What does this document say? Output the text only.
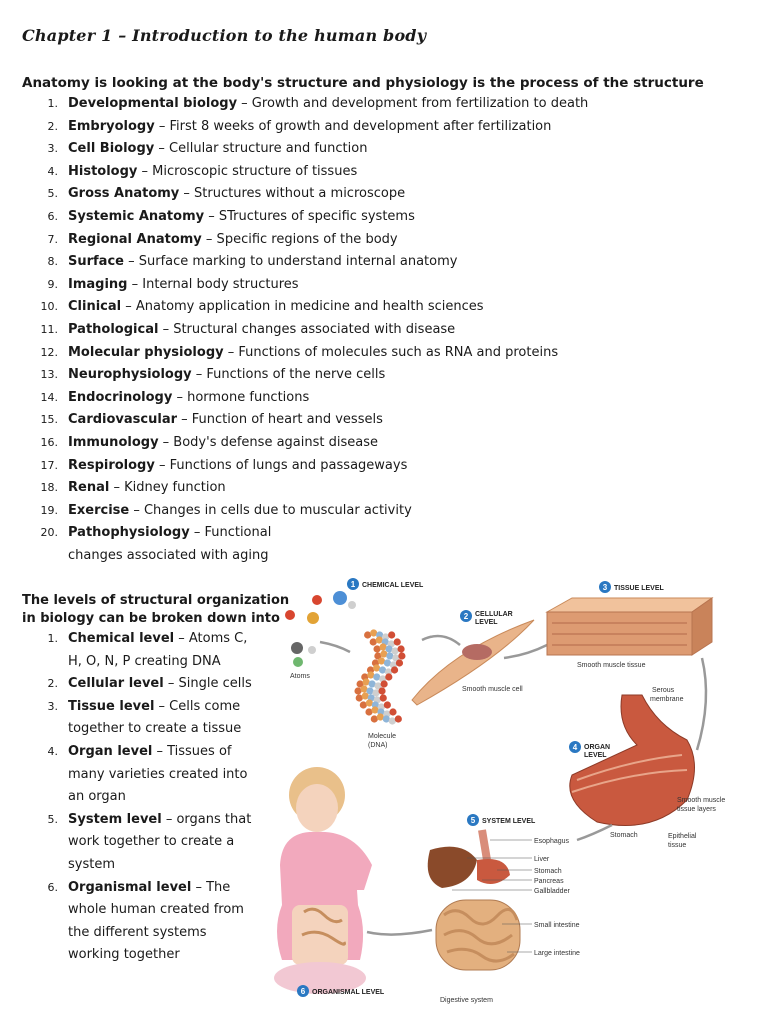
Chapter 1 – Introduction to the human body
Anatomy is looking at the body's structure and physiology is the process of the structure
1. Developmental biology – Growth and development from fertilization to death
2. Embryology – First 8 weeks of growth and development after fertilization
3. Cell Biology – Cellular structure and function
4. Histology – Microscopic structure of tissues
5. Gross Anatomy – Structures without a microscope
6. Systemic Anatomy – STructures of specific systems
7. Regional Anatomy – Specific regions of the body
8. Surface – Surface marking to understand internal anatomy
9. Imaging – Internal body structures
10. Clinical – Anatomy application in medicine and health sciences
11. Pathological – Structural changes associated with disease
12. Molecular physiology – Functions of molecules such as RNA and proteins
13. Neurophysiology – Functions of the nerve cells
14. Endocrinology – hormone functions
15. Cardiovascular – Function of heart and vessels
16. Immunology – Body's defense against disease
17. Respirology – Functions of lungs and passageways
18. Renal – Kidney function
19. Exercise – Changes in cells due to muscular activity
20. Pathophysiology – Functional
changes associated with aging
The levels of structural organization
in biology can be broken down into
1. Chemical level – Atoms C, H, O, N, P creating DNA
2. Cellular level – Single cells
3. Tissue level – Cells come together to create a tissue
4. Organ level – Tissues of many varieties created into an organ
5. System level – organs that work together to create a system
6. Organismal level – The whole human created from the different systems working together
1 CHEMICAL LEVEL
Atoms
Molecule
(DNA)
2 CELLULAR
LEVEL
Smooth muscle cell
3 TISSUE LEVEL
Smooth muscle tissue
Serous
membrane
4 ORGAN
LEVEL
Smooth muscle
tissue layers
Stomach	Epithelial
tissue
5 SYSTEM LEVEL
Esophagus
Liver
Stomach
Pancreas
Gallbladder
Small intestine
Large intestine
Digestive system
6 ORGANISMAL LEVEL
